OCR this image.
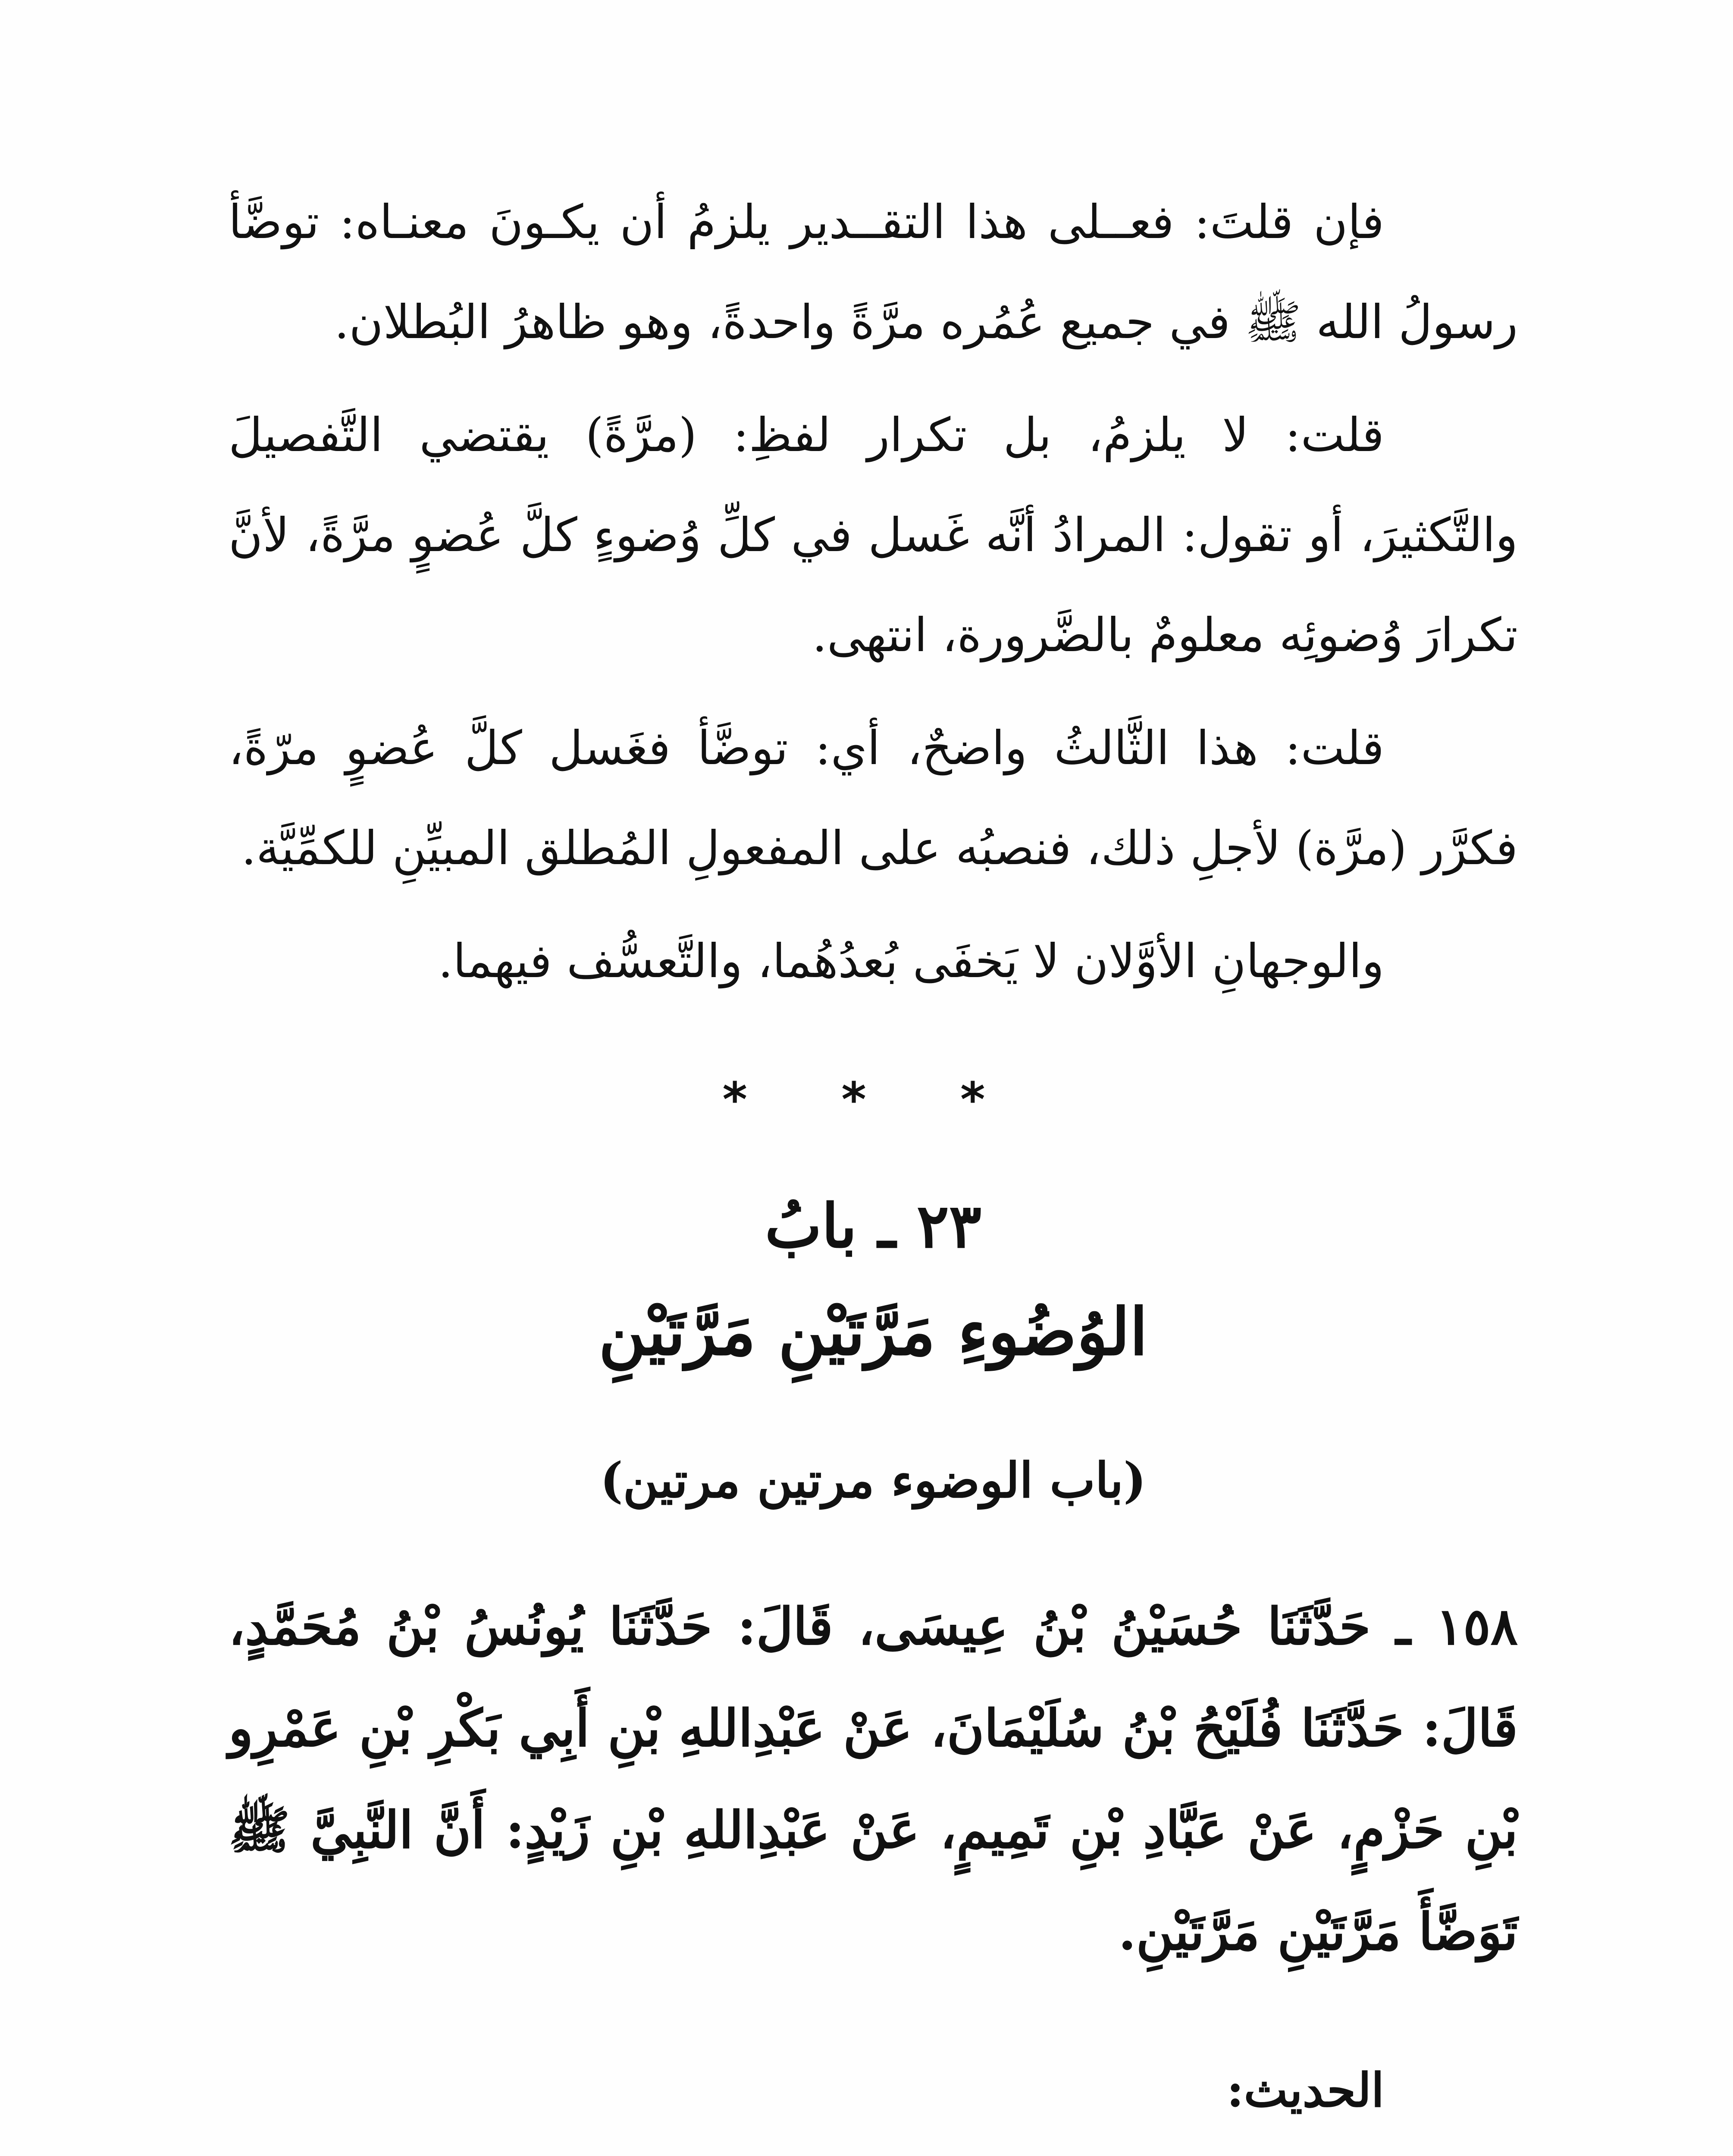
فإن قلتَ: فعــلى هذا التقــدير يلزمُ أن يكـونَ معنـاه: توضَّأ رسولُ الله ﷺ في جميع عُمُره مرَّةً واحدةً، وهو ظاهرُ البُطلان.

قلت: لا يلزمُ، بل تكرار لفظِ: (مرَّةً) يقتضي التَّفصيلَ والتَّكثيرَ، أو تقول: المرادُ أنَّه غَسل في كلِّ وُضوءٍ كلَّ عُضوٍ مرَّةً، لأنَّ تكرارَ وُضوئِه معلومٌ بالضَّرورة، انتهى.

قلت: هذا الثَّالثُ واضحٌ، أي: توضَّأ فغَسل كلَّ عُضوٍ مرّةً، فكرَّر (مرَّة) لأجلِ ذلك، فنصبُه على المفعولِ المُطلق المبيِّنِ للكمِّيَّة.

والوجهانِ الأوَّلان لا يَخفَى بُعدُهُما، والتَّعسُّف فيهما.

* * *
٢٣ ـ بابُ
الوُضُوءِ مَرَّتَيْنِ مَرَّتَيْنِ
(باب الوضوء مرتين مرتين)

١٥٨ ـ حَدَّثَنَا حُسَيْنُ بْنُ عِيسَى، قَالَ: حَدَّثَنَا يُونُسُ بْنُ مُحَمَّدٍ، قَالَ: حَدَّثَنَا فُلَيْحُ بْنُ سُلَيْمَانَ، عَنْ عَبْدِاللهِ بْنِ أَبِي بَكْرِ بْنِ عَمْرِو بْنِ حَزْمٍ، عَنْ عَبَّادِ بْنِ تَمِيمٍ، عَنْ عَبْدِاللهِ بْنِ زَيْدٍ: أَنَّ النَّبِيَّ ﷺ تَوَضَّأَ مَرَّتَيْنِ مَرَّتَيْنِ.

الحديث:
